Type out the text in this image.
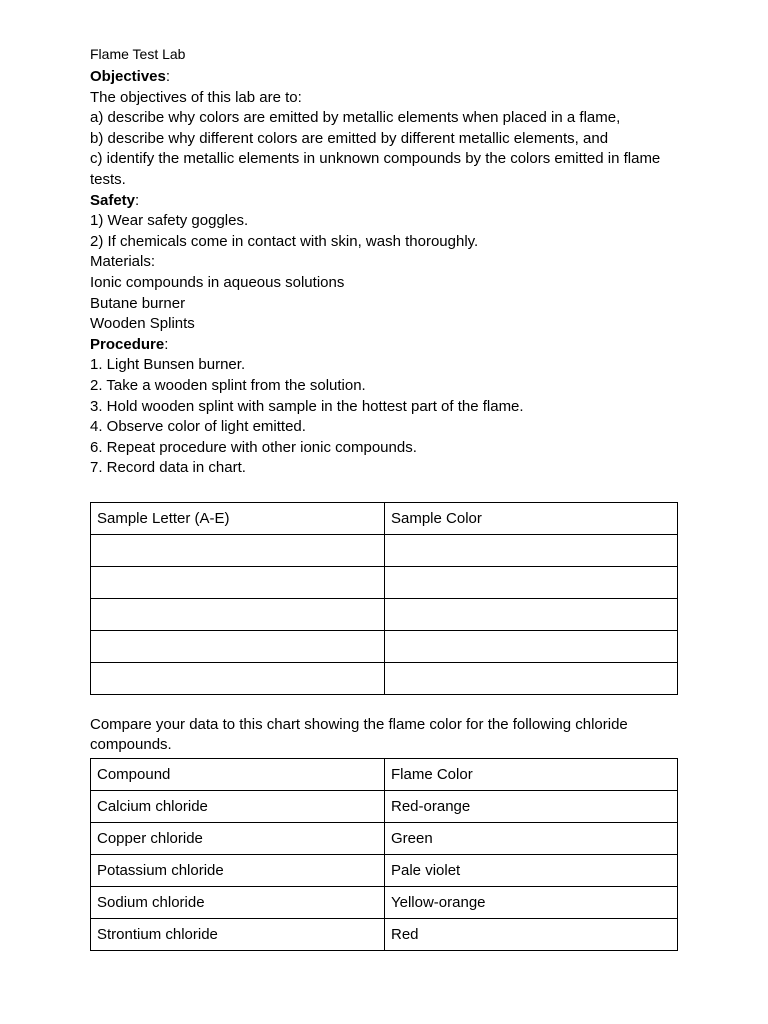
Flame Test Lab
Objectives:
The objectives of this lab are to:
a) describe why colors are emitted by metallic elements when placed in a flame,
b) describe why different colors are emitted by different metallic elements, and
c) identify the metallic elements in unknown compounds by the colors emitted in flame tests.
Safety:
1) Wear safety goggles.
2) If chemicals come in contact with skin, wash thoroughly.
Materials:
Ionic compounds in aqueous solutions
Butane burner
Wooden Splints
Procedure:
1. Light Bunsen burner.
2. Take a wooden splint from the solution.
3. Hold wooden splint with sample in the hottest part of the flame.
4. Observe color of light emitted.
6. Repeat procedure with other ionic compounds.
7. Record data in chart.
Sample Letter (A-E)	Sample Color

Compare your data to this chart showing the flame color for the following chloride compounds.
Compound	Flame Color
Calcium chloride	Red-orange
Copper chloride	Green
Potassium chloride	Pale violet
Sodium chloride	Yellow-orange
Strontium chloride	Red
